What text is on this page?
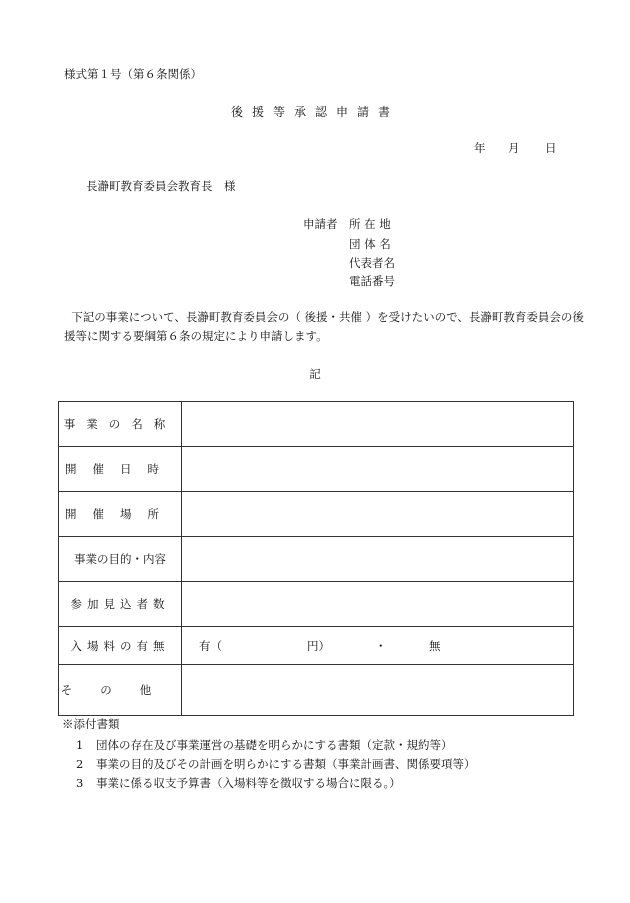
様式第１号（第６条関係）
後援等承認申請書
年 月 日
長瀞町教育委員会教育長　様
申請者 所 在 地
団 体 名
代表者名
電話番号
下記の事業について、長瀞町教育委員会の（ 後援・共催 ）を受けたいので、長瀞町教育委員会の後援等に関する要綱第６条の規定により申請します。
記
事業の名称	
開催日時	
開催場所	
事業の目的・内容	
参加見込者数	
入場料の有無	有（ 円） ・ 無

その他	
※添付書類
1 団体の存在及び事業運営の基礎を明らかにする書類（定款・規約等）
2 事業の目的及びその計画を明らかにする書類（事業計画書、関係要項等）
3 事業に係る収支予算書（入場料等を徴収する場合に限る。）
